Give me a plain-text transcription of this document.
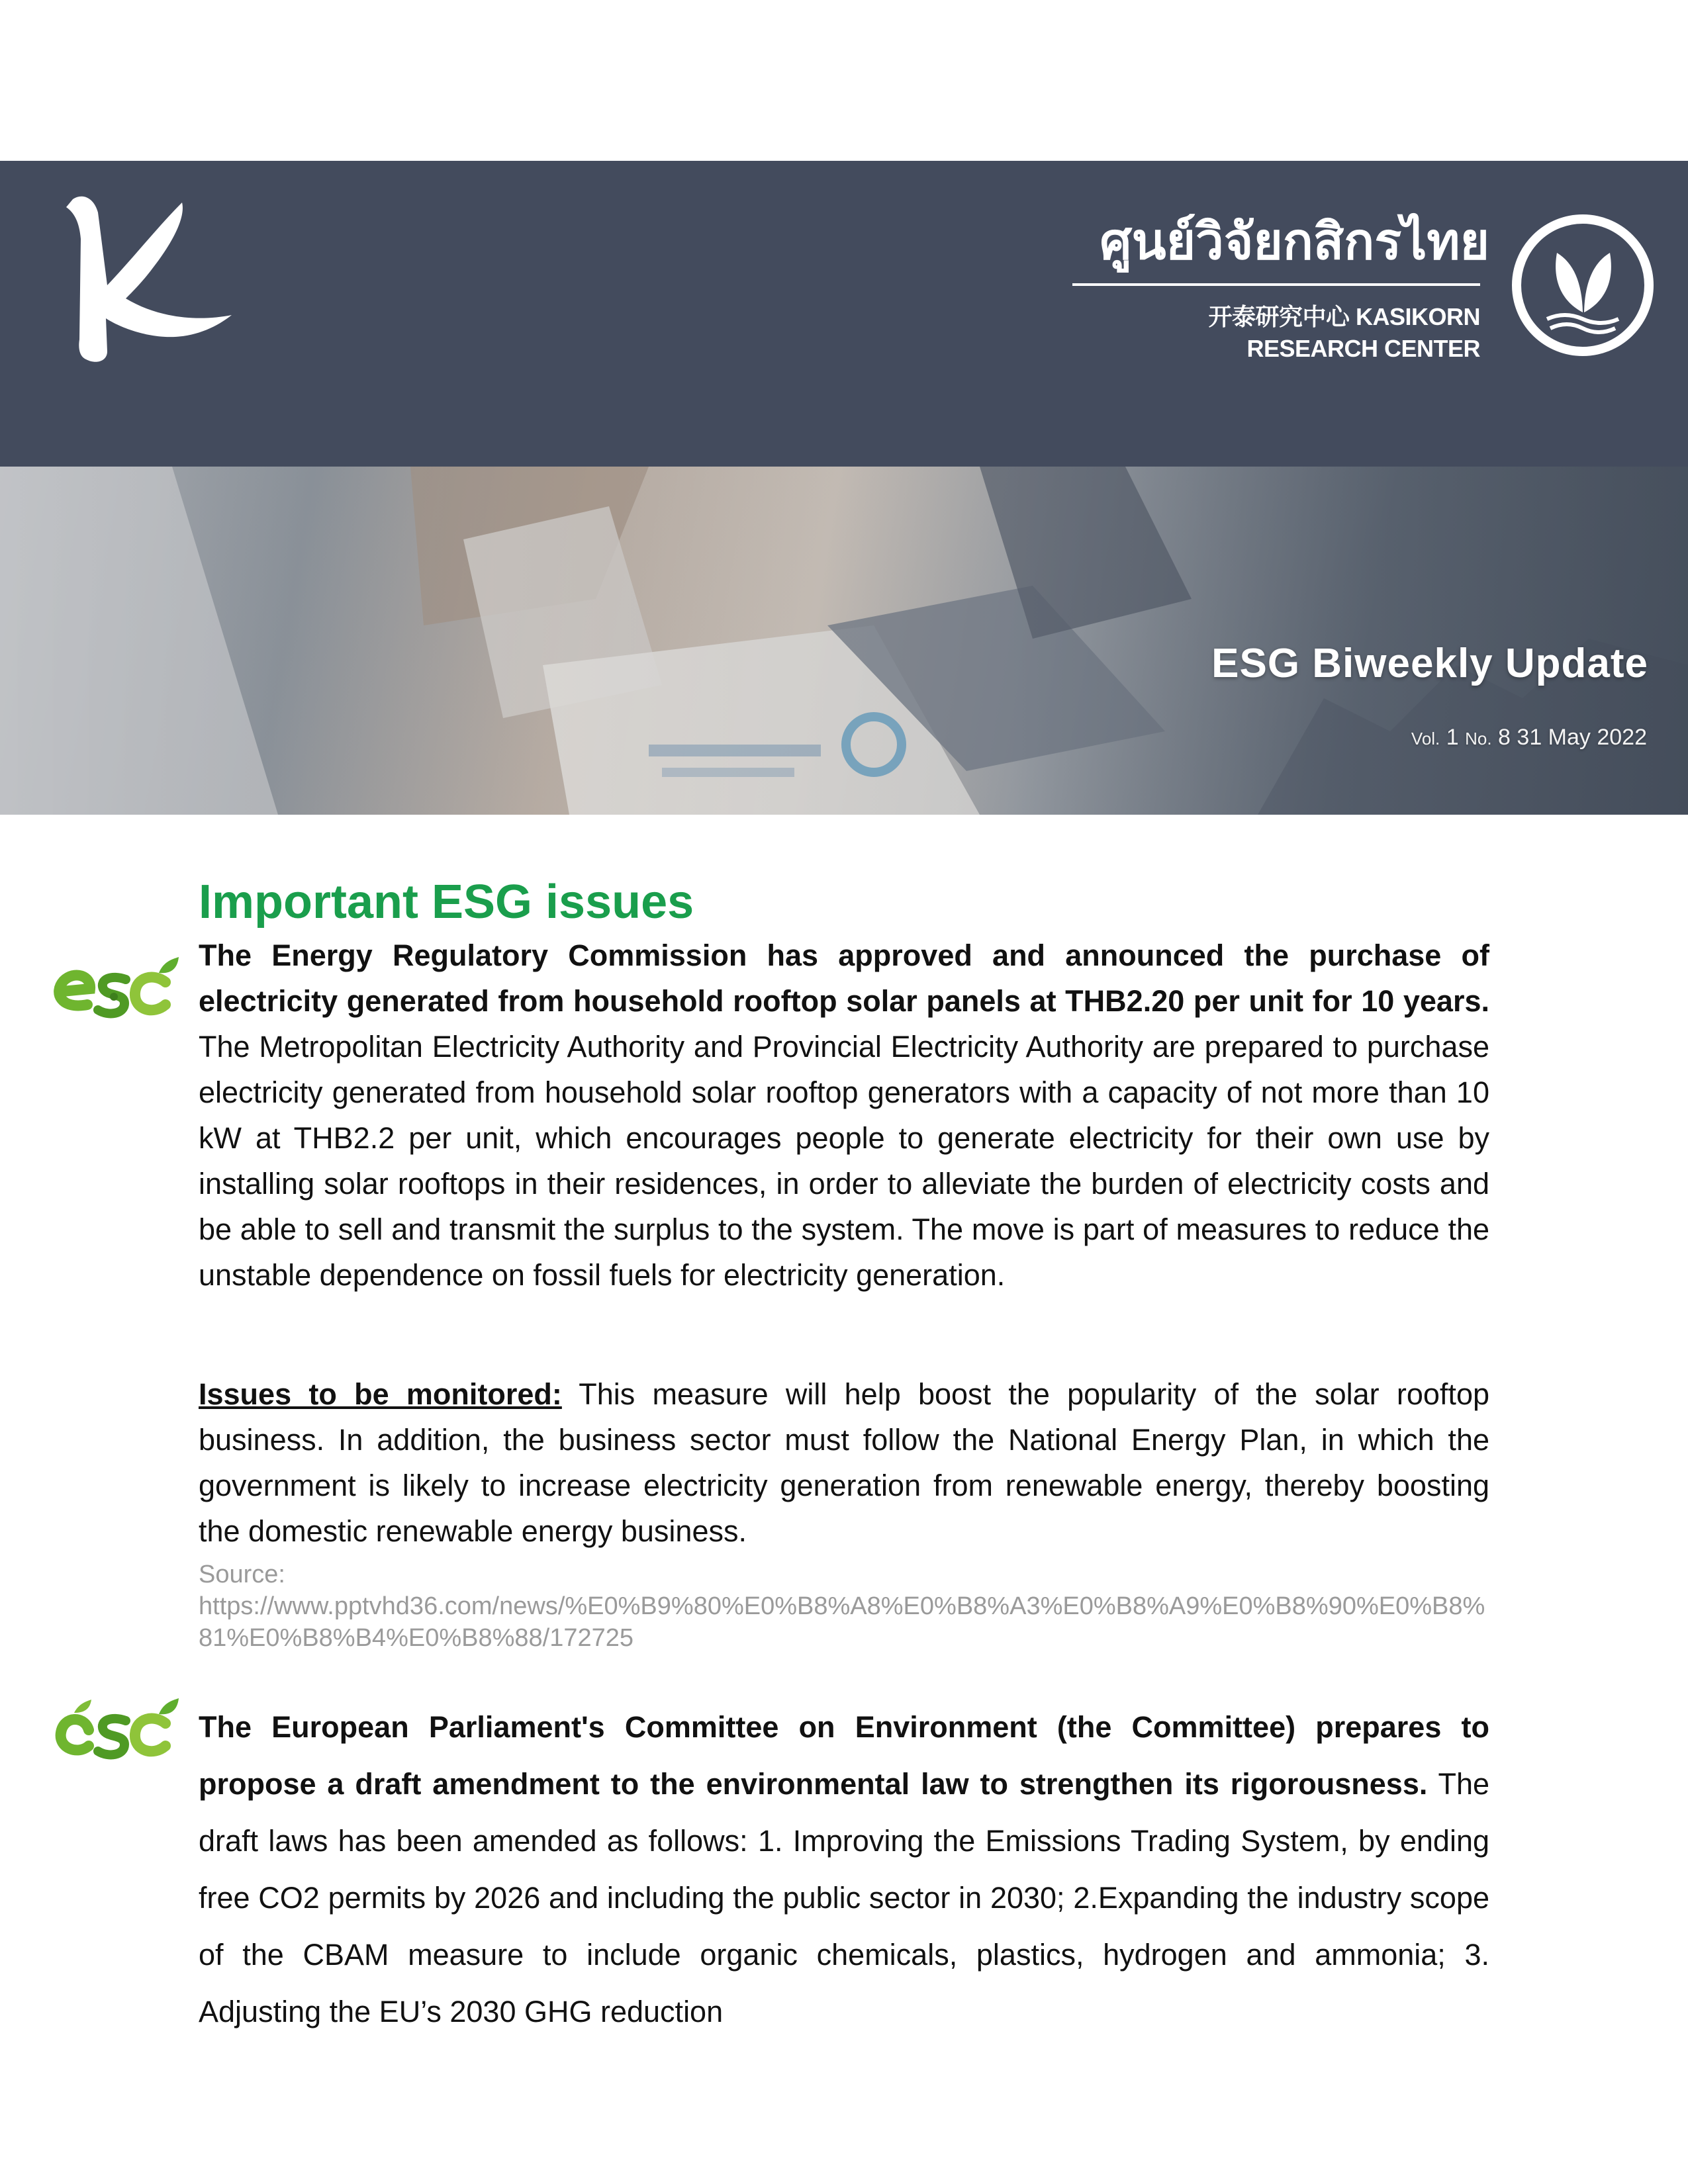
ศูนย์วิจัยกสิกรไทย
开泰研究中心 KASIKORN RESEARCH CENTER
ESG Biweekly Update
Vol. 1 No. 8 31 May 2022
Important ESG issues

The Energy Regulatory Commission has approved and announced the purchase of electricity generated from household rooftop solar panels at THB2.20 per unit for 10 years. The Metropolitan Electricity Authority and Provincial Electricity Authority are prepared to purchase electricity generated from household solar rooftop generators with a capacity of not more than 10 kW at THB2.2 per unit, which encourages people to generate electricity for their own use by installing solar rooftops in their residences, in order to alleviate the burden of electricity costs and be able to sell and transmit the surplus to the system. The move is part of measures to reduce the unstable dependence on fossil fuels for electricity generation.

Issues to be monitored: This measure will help boost the popularity of the solar rooftop business. In addition, the business sector must follow the National Energy Plan, in which the government is likely to increase electricity generation from renewable energy, thereby boosting the domestic renewable energy business.

Source:
https://www.pptvhd36.com/news/%E0%B9%80%E0%B8%A8%E0%B8%A3%E0%B8%A9%E0%B8%90%E0%B8%81%E0%B8%B4%E0%B8%88/172725

The European Parliament's Committee on Environment (the Committee) prepares to propose a draft amendment to the environmental law to strengthen its rigorousness. The draft laws has been amended as follows: 1. Improving the Emissions Trading System, by ending free CO2 permits by 2026 and including the public sector in 2030; 2.Expanding the industry scope of the CBAM measure to include organic chemicals, plastics, hydrogen and ammonia; 3. Adjusting the EU’s 2030 GHG reduction
